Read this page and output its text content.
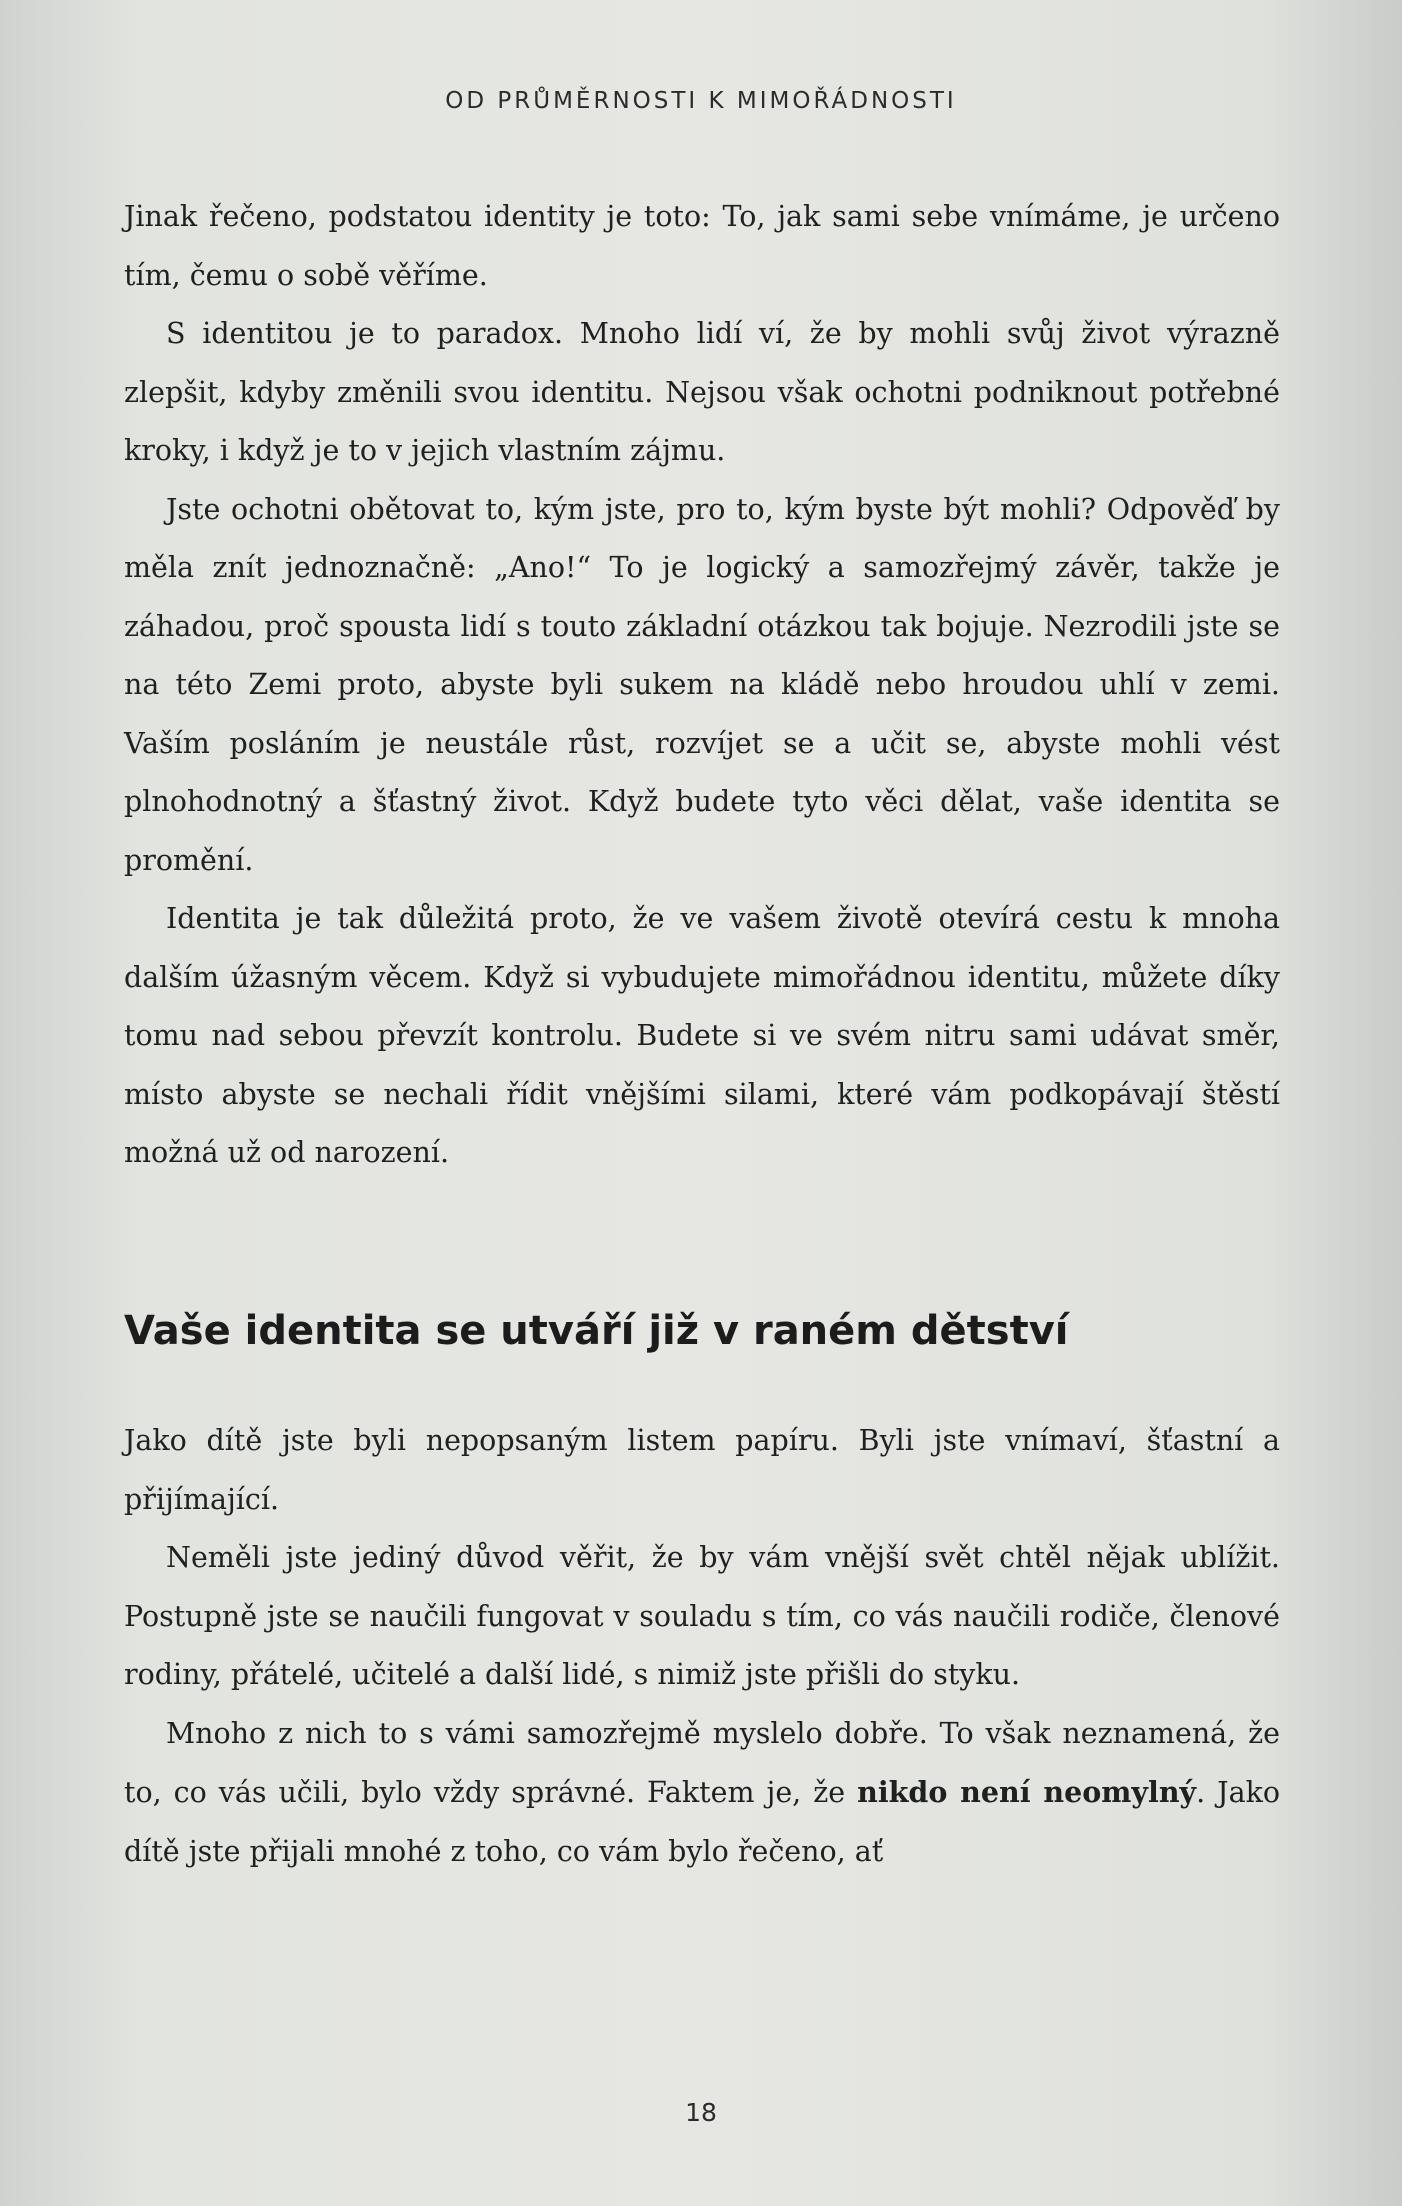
OD PRŮMĚRNOSTI K MIMOŘÁDNOSTI

Jinak řečeno, podstatou identity je toto: To, jak sami sebe vnímáme, je určeno tím, čemu o sobě věříme.

S identitou je to paradox. Mnoho lidí ví, že by mohli svůj život výrazně zlepšit, kdyby změnili svou identitu. Nejsou však ochotni podniknout potřebné kroky, i když je to v jejich vlastním zájmu.

Jste ochotni obětovat to, kým jste, pro to, kým byste být mohli? Odpověď by měla znít jednoznačně: „Ano!“ To je logický a samozřejmý závěr, takže je záhadou, proč spousta lidí s touto základní otázkou tak bojuje. Nezrodili jste se na této Zemi proto, abyste byli sukem na kládě nebo hroudou uhlí v zemi. Vaším posláním je neustále růst, rozvíjet se a učit se, abyste mohli vést plnohodnotný a šťastný život. Když budete tyto věci dělat, vaše identita se promění.

Identita je tak důležitá proto, že ve vašem životě otevírá cestu k mnoha dalším úžasným věcem. Když si vybudujete mimořádnou identitu, můžete díky tomu nad sebou převzít kontrolu. Budete si ve svém nitru sami udávat směr, místo abyste se nechali řídit vnějšími silami, které vám podkopávají štěstí možná už od narození.

Vaše identita se utváří již v raném dětství

Jako dítě jste byli nepopsaným listem papíru. Byli jste vnímaví, šťastní a přijímající.

Neměli jste jediný důvod věřit, že by vám vnější svět chtěl nějak ublížit. Postupně jste se naučili fungovat v souladu s tím, co vás naučili rodiče, členové rodiny, přátelé, učitelé a další lidé, s nimiž jste přišli do styku.

Mnoho z nich to s vámi samozřejmě myslelo dobře. To však neznamená, že to, co vás učili, bylo vždy správné. Faktem je, že nikdo není neomylný. Jako dítě jste přijali mnohé z toho, co vám bylo řečeno, ať

18
